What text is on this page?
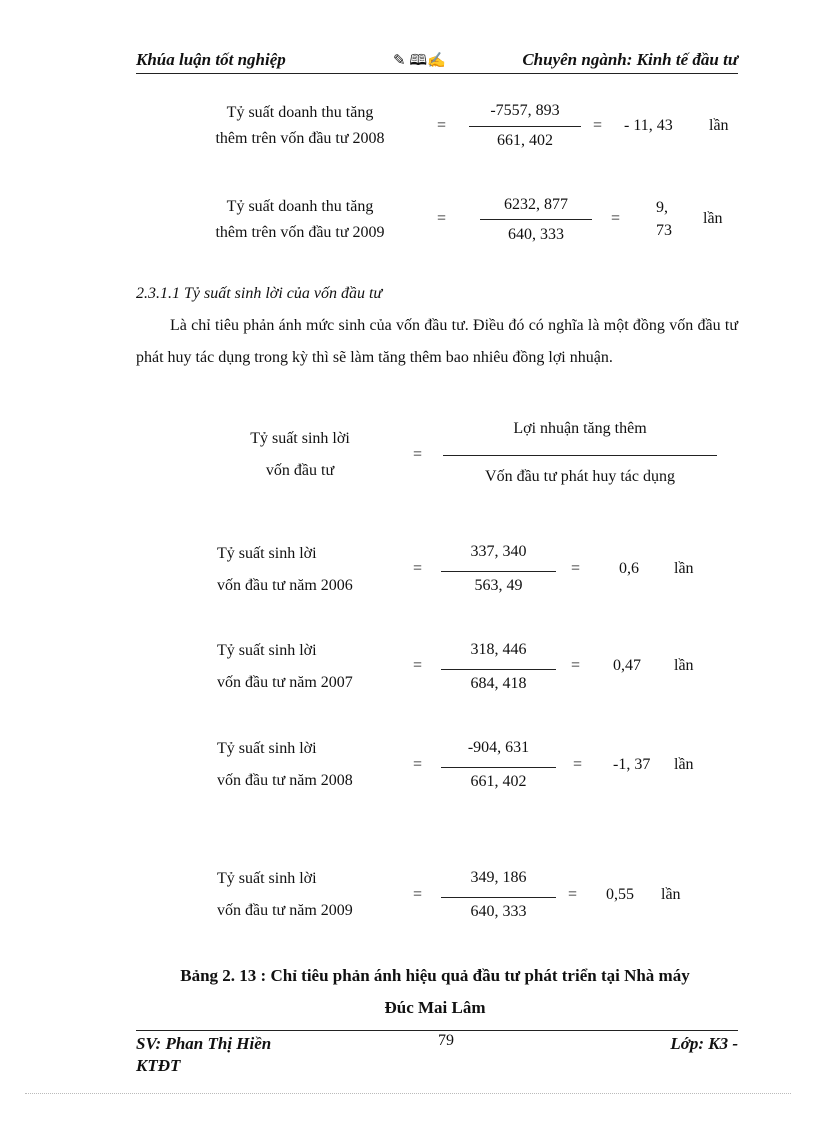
Khúa luận tốt nghiệp	✎ 🕮✍	Chuyên ngành: Kinh tế đầu tư
Tỷ suất doanh thu tăng
thêm trên vốn đầu tư 2008
=
-7557, 893
661, 402
= - 11, 43 lần
Tỷ suất doanh thu tăng
thêm trên vốn đầu tư 2009
=
6232, 877
640, 333
=
9,
73
lần
2.3.1.1 Tỷ suất sinh lời của vốn đầu tư
Là chỉ tiêu phản ánh mức sinh của vốn đầu tư. Điều đó có nghĩa là một đồng vốn đầu tư phát huy tác dụng trong kỳ thì sẽ làm tăng thêm bao nhiêu đồng lợi nhuận.
Tỷ suất sinh lời
vốn đầu tư
=
Lợi nhuận tăng thêm
Vốn đầu tư phát huy tác dụng
Tỷ suất sinh lời
vốn đầu tư năm 2006
=
337, 340
563, 49
= 0,6 lần
Tỷ suất sinh lời
vốn đầu tư năm 2007
=
318, 446
684, 418
= 0,47 lần
Tỷ suất sinh lời
vốn đầu tư năm 2008
=
-904, 631
661, 402
= -1, 37 lần
Tỷ suất sinh lời
vốn đầu tư năm 2009
=
349, 186
640, 333
= 0,55 lần
Bảng 2. 13 : Chỉ tiêu phản ánh hiệu quả đầu tư phát triển tại Nhà máy
Đúc Mai Lâm
SV: Phan Thị Hiền
KTĐT
79	Lớp: K3 -
